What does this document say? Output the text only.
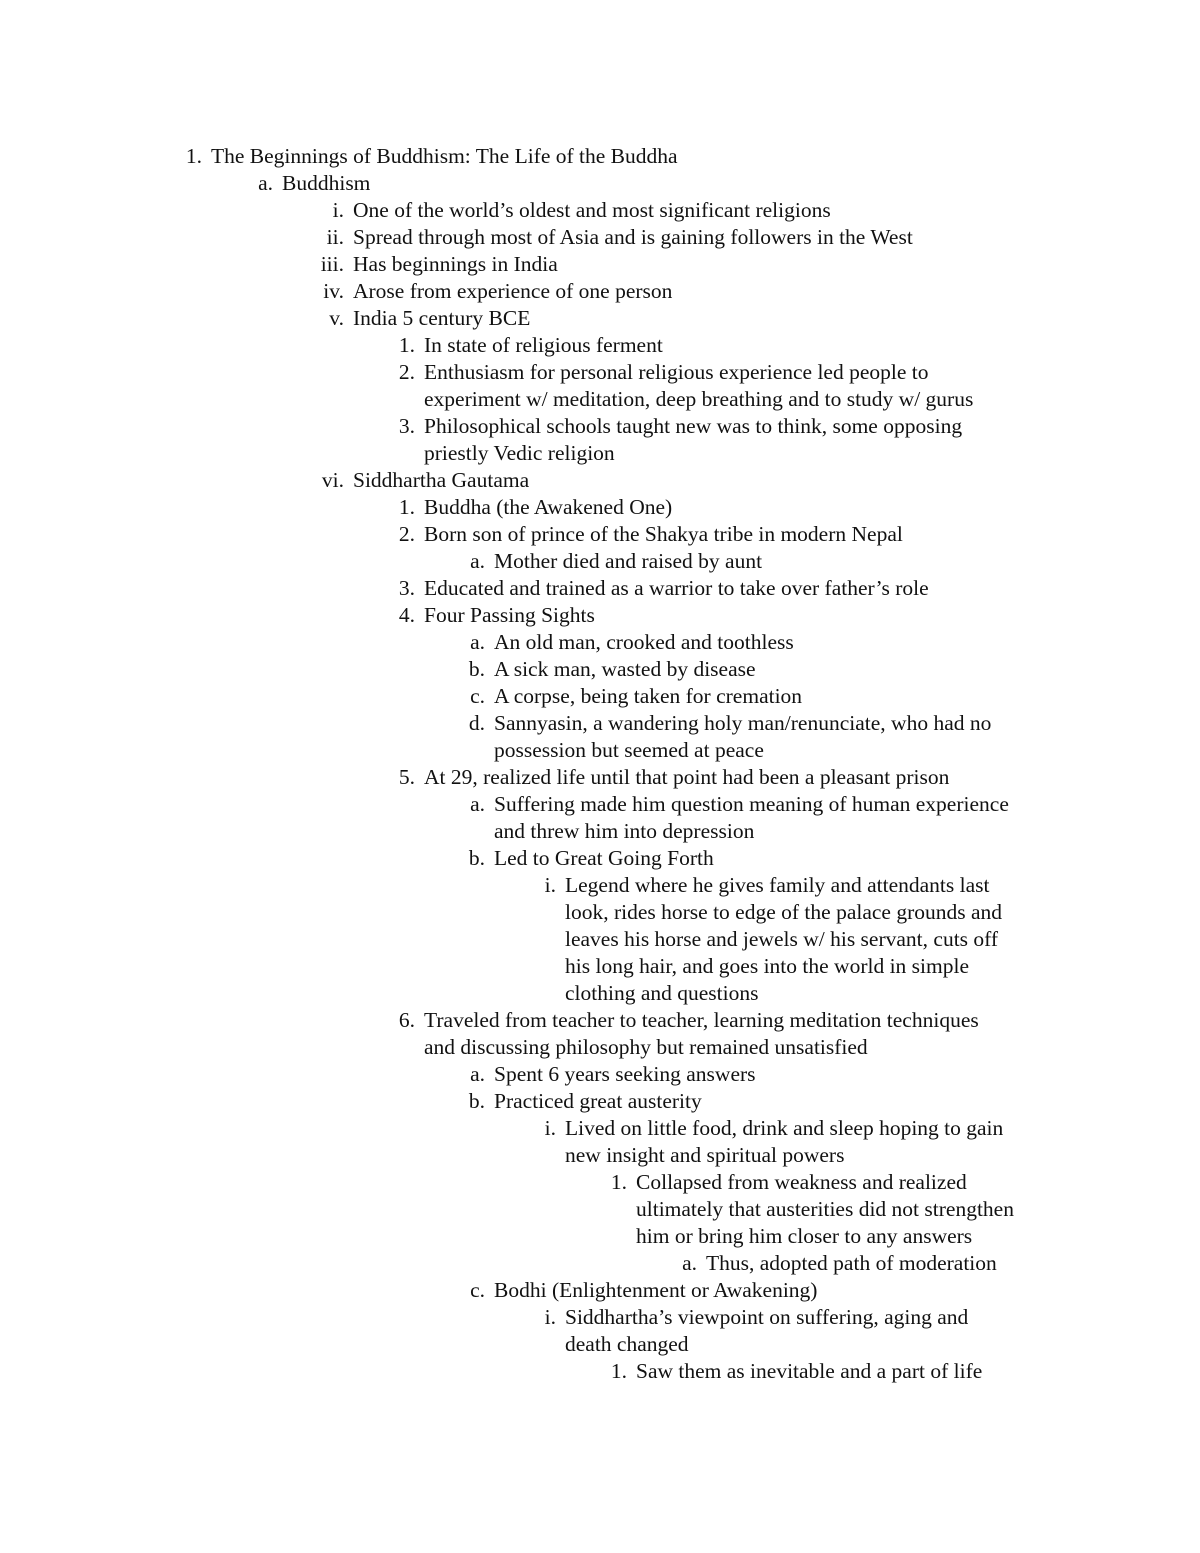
1. The Beginnings of Buddhism: The Life of the Buddha
a. Buddhism
i. One of the world’s oldest and most significant religions
ii. Spread through most of Asia and is gaining followers in the West
iii. Has beginnings in India
iv. Arose from experience of one person
v. India 5 century BCE
1. In state of religious ferment
2. Enthusiasm for personal religious experience led people to
experiment w/ meditation, deep breathing and to study w/ gurus
3. Philosophical schools taught new was to think, some opposing
priestly Vedic religion
vi. Siddhartha Gautama
1. Buddha (the Awakened One)
2. Born son of prince of the Shakya tribe in modern Nepal
a. Mother died and raised by aunt
3. Educated and trained as a warrior to take over father’s role
4. Four Passing Sights
a. An old man, crooked and toothless
b. A sick man, wasted by disease
c. A corpse, being taken for cremation
d. Sannyasin, a wandering holy man/renunciate, who had no
possession but seemed at peace
5. At 29, realized life until that point had been a pleasant prison
a. Suffering made him question meaning of human experience
and threw him into depression
b. Led to Great Going Forth
i. Legend where he gives family and attendants last
look, rides horse to edge of the palace grounds and
leaves his horse and jewels w/ his servant, cuts off
his long hair, and goes into the world in simple
clothing and questions
6. Traveled from teacher to teacher, learning meditation techniques
and discussing philosophy but remained unsatisfied
a. Spent 6 years seeking answers
b. Practiced great austerity
i. Lived on little food, drink and sleep hoping to gain
new insight and spiritual powers
1. Collapsed from weakness and realized
ultimately that austerities did not strengthen
him or bring him closer to any answers
a. Thus, adopted path of moderation
c. Bodhi (Enlightenment or Awakening)
i. Siddhartha’s viewpoint on suffering, aging and
death changed
1. Saw them as inevitable and a part of life
